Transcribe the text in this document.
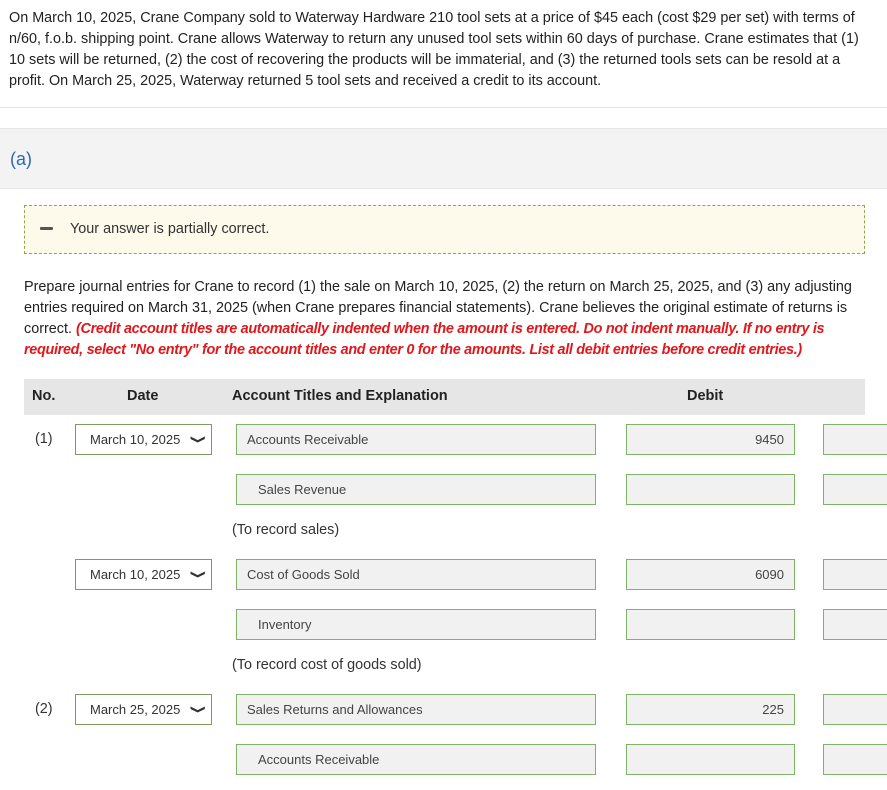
On March 10, 2025, Crane Company sold to Waterway Hardware 210 tool sets at a price of $45 each (cost $29 per set) with terms of n/60, f.o.b. shipping point. Crane allows Waterway to return any unused tool sets within 60 days of purchase. Crane estimates that (1) 10 sets will be returned, (2) the cost of recovering the products will be immaterial, and (3) the returned tools sets can be resold at a profit. On March 25, 2025, Waterway returned 5 tool sets and received a credit to its account.
(a)
Your answer is partially correct.
Prepare journal entries for Crane to record (1) the sale on March 10, 2025, (2) the return on March 25, 2025, and (3) any adjusting entries required on March 31, 2025 (when Crane prepares financial statements). Crane believes the original estimate of returns is correct. (Credit account titles are automatically indented when the amount is entered. Do not indent manually. If no entry is required, select "No entry" for the account titles and enter 0 for the amounts. List all debit entries before credit entries.)
No.	Date	Account Titles and Explanation	Debit
(1)	March 10, 2025 ❯	Accounts Receivable	9450
Sales Revenue
(To record sales)
March 10, 2025 ❯	Cost of Goods Sold	6090
Inventory
(To record cost of goods sold)
(2)	March 25, 2025 ❯	Sales Returns and Allowances	225
Accounts Receivable
